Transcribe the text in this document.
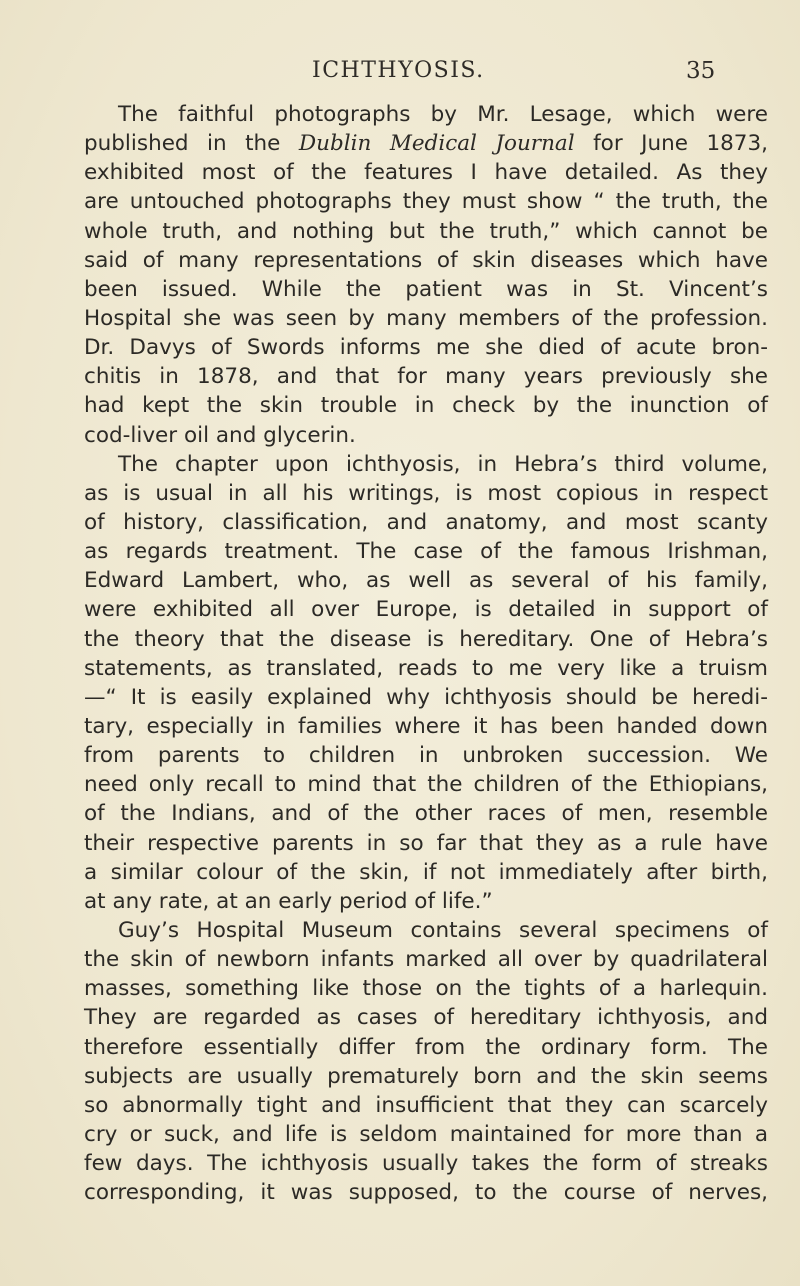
ICHTHYOSIS.	35
The faithful photographs by Mr. Lesage, which were
published in the Dublin Medical Journal for June 1873,
exhibited most of the features I have detailed. As they
are untouched photographs they must show “ the truth, the
whole truth, and nothing but the truth,” which cannot be
said of many representations of skin diseases which have
been issued. While the patient was in St. Vincent’s
Hospital she was seen by many members of the profession.
Dr. Davys of Swords informs me she died of acute bron-
chitis in 1878, and that for many years previously she
had kept the skin trouble in check by the inunction of
cod-liver oil and glycerin.
The chapter upon ichthyosis, in Hebra’s third volume,
as is usual in all his writings, is most copious in respect
of history, classification, and anatomy, and most scanty
as regards treatment. The case of the famous Irishman,
Edward Lambert, who, as well as several of his family,
were exhibited all over Europe, is detailed in support of
the theory that the disease is hereditary. One of Hebra’s
statements, as translated, reads to me very like a truism
—“ It is easily explained why ichthyosis should be heredi-
tary, especially in families where it has been handed down
from parents to children in unbroken succession. We
need only recall to mind that the children of the Ethiopians,
of the Indians, and of the other races of men, resemble
their respective parents in so far that they as a rule have
a similar colour of the skin, if not immediately after birth,
at any rate, at an early period of life.”
Guy’s Hospital Museum contains several specimens of
the skin of newborn infants marked all over by quadrilateral
masses, something like those on the tights of a harlequin.
They are regarded as cases of hereditary ichthyosis, and
therefore essentially differ from the ordinary form. The
subjects are usually prematurely born and the skin seems
so abnormally tight and insufficient that they can scarcely
cry or suck, and life is seldom maintained for more than a
few days. The ichthyosis usually takes the form of streaks
corresponding, it was supposed, to the course of nerves,
